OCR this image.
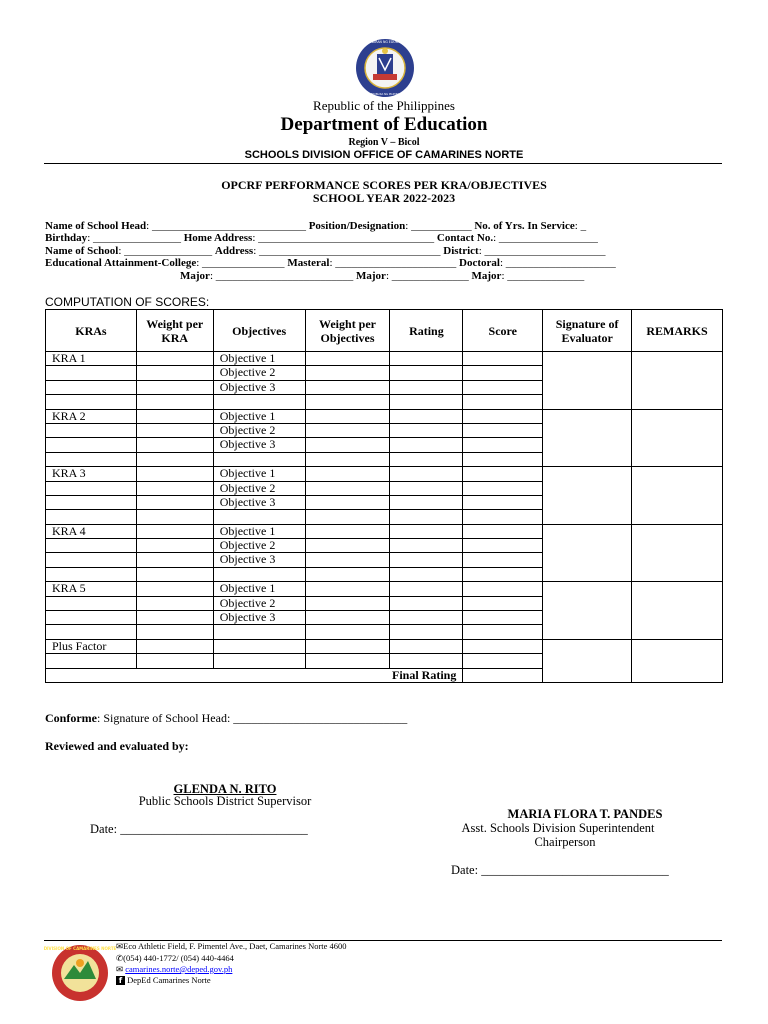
KAGAWARAN NG EDUKASYON
REPUBLIKA NG PILIPINAS
Republic of the Philippines
Department of Education
Region V – Bicol
SCHOOLS DIVISION OFFICE OF CAMARINES NORTE
OPCRF PERFORMANCE SCORES PER KRA/OBJECTIVES
SCHOOL YEAR 2022-2023
Name of School Head: ____________________________ Position/Designation: ___________ No. of Yrs. In Service: _
Birthday: ________________ Home Address: ________________________________ Contact No.: __________________
Name of School: ________________ Address: _________________________________ District: ______________________
Educational Attainment-College: _______________ Masteral: ______________________ Doctoral: ____________________
Major: _________________________ Major: ______________ Major: ______________
COMPUTATION OF SCORES:
KRAs	Weight per KRA	Objectives	Weight per Objectives	Rating	Score	Signature of Evaluator	REMARKS
KRA 1		Objective 1					
		Objective 2					
		Objective 3					

KRA 2		Objective 1					
		Objective 2					
		Objective 3					

KRA 3		Objective 1					
		Objective 2					
		Objective 3					

KRA 4		Objective 1					
		Objective 2					
		Objective 3					

KRA 5		Objective 1					
		Objective 2					
		Objective 3					

Plus Factor							

Final Rating							
Conforme: Signature of School Head: _____________________________
Reviewed and evaluated by:
GLENDA N. RITO
Public Schools District Supervisor
Date: ______________________________
MARIA FLORA T. PANDES
Asst. Schools Division Superintendent
Chairperson
Date: ______________________________
DIVISION OF CAMARINES NORTE ✉Eco Athletic Field, F. Pimentel Ave., Daet, Camarines Norte 4600
✆(054) 440-1772/ (054) 440-4464
✉ camarines.norte@deped.gov.ph
f DepEd Camarines Norte
